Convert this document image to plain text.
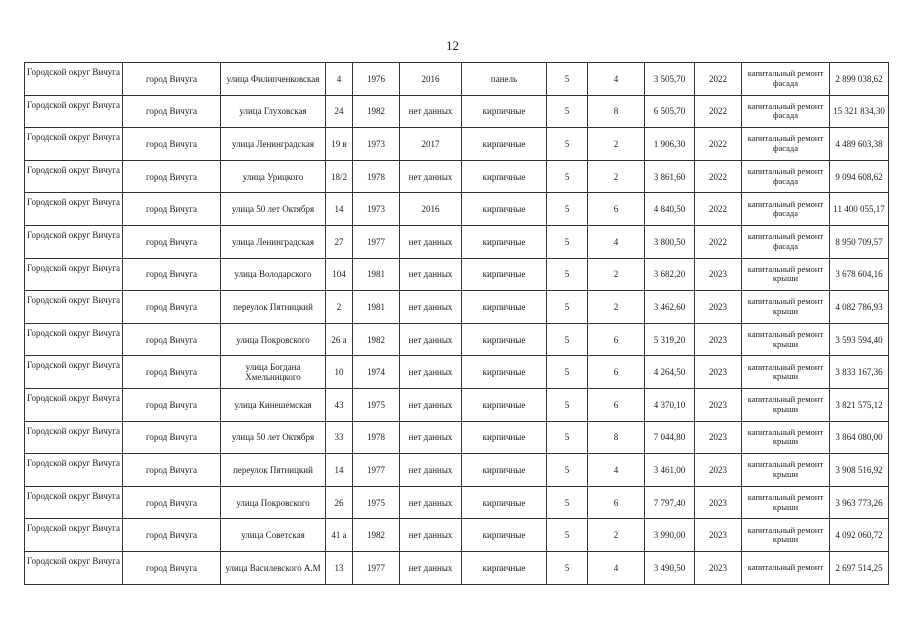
12
Городской округ Вичуга	город Вичуга	улица Филипченковская	4	1976	2016	панель	5	4	3 505,70	2022	капитальный ремонт фасада	2 899 038,62
Городской округ Вичуга	город Вичуга	улица Глуховская	24	1982	нет данных	кирпичные	5	8	6 505,70	2022	капитальный ремонт фасада	15 321 834,30
Городской округ Вичуга	город Вичуга	улица Ленинградская	19 в	1973	2017	кирпичные	5	2	1 906,30	2022	капитальный ремонт фасада	4 489 603,38
Городской округ Вичуга	город Вичуга	улица Урицкого	18/2	1978	нет данных	кирпичные	5	2	3 861,60	2022	капитальный ремонт фасада	9 094 608,62
Городской округ Вичуга	город Вичуга	улица 50 лет Октября	14	1973	2016	кирпичные	5	6	4 840,50	2022	капитальный ремонт фасада	11 400 055,17
Городской округ Вичуга	город Вичуга	улица Ленинградская	27	1977	нет данных	кирпичные	5	4	3 800,50	2022	капитальный ремонт фасада	8 950 709,57
Городской округ Вичуга	город Вичуга	улица Володарского	104	1981	нет данных	кирпичные	5	2	3 682,20	2023	капитальный ремонт крыши	3 678 604,16
Городской округ Вичуга	город Вичуга	переулок Пятницкий	2	1981	нет данных	кирпичные	5	2	3 462,60	2023	капитальный ремонт крыши	4 082 786,93
Городской округ Вичуга	город Вичуга	улица Покровского	26 а	1982	нет данных	кирпичные	5	6	5 319,20	2023	капитальный ремонт крыши	3 593 594,40
Городской округ Вичуга	город Вичуга	улица Богдана Хмельницкого	10	1974	нет данных	кирпичные	5	6	4 264,50	2023	капитальный ремонт крыши	3 833 167,36
Городской округ Вичуга	город Вичуга	улица Кинешемская	43	1975	нет данных	кирпичные	5	6	4 370,10	2023	капитальный ремонт крыши	3 821 575,12
Городской округ Вичуга	город Вичуга	улица 50 лет Октября	33	1978	нет данных	кирпичные	5	8	7 044,80	2023	капитальный ремонт крыши	3 864 080,00
Городской округ Вичуга	город Вичуга	переулок Пятницкий	14	1977	нет данных	кирпичные	5	4	3 461,00	2023	капитальный ремонт крыши	3 908 516,92
Городской округ Вичуга	город Вичуга	улица Покровского	26	1975	нет данных	кирпичные	5	6	7 797,40	2023	капитальный ремонт крыши	3 963 773,26
Городской округ Вичуга	город Вичуга	улица Советская	41 а	1982	нет данных	кирпичные	5	2	3 990,00	2023	капитальный ремонт крыши	4 092 060,72
Городской округ Вичуга	город Вичуга	улица Василевского А.М	13	1977	нет данных	кирпичные	5	4	3 490,50	2023	капитальный ремонт	2 697 514,25
